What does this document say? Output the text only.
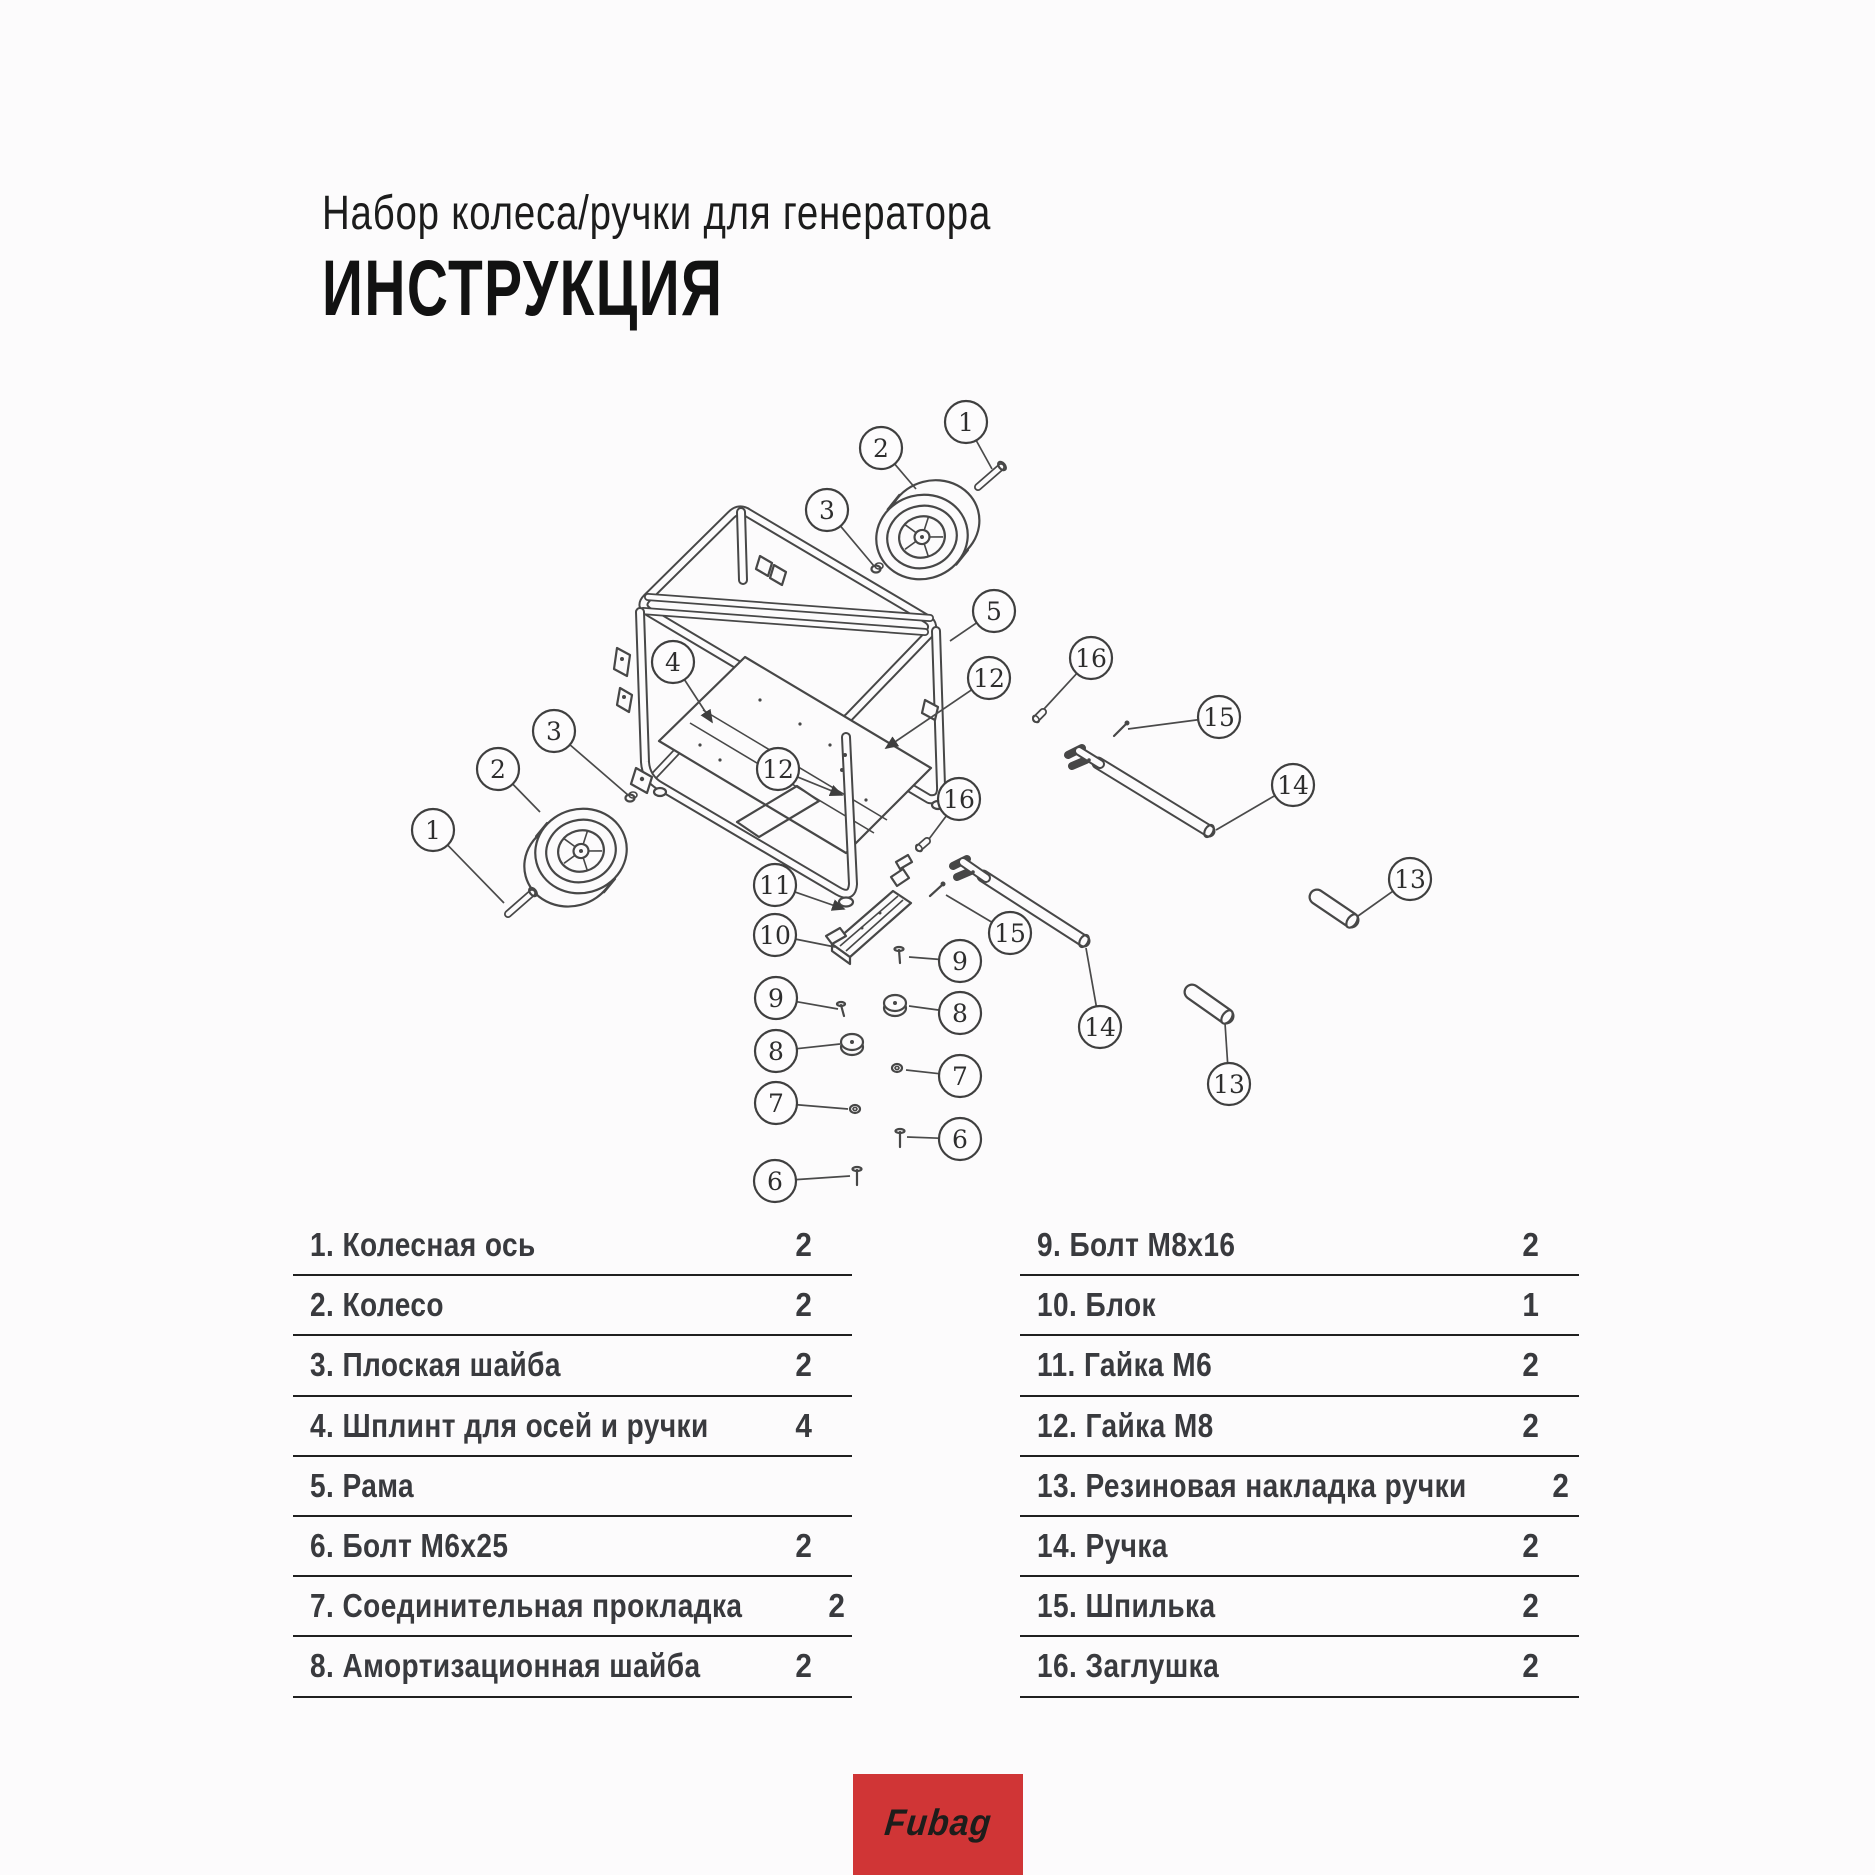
Набор колеса/ручки для генератора
ИНСТРУКЦИЯ
1
2
3
5
4
12
12
3
2
1
16
15
14
16
13
11
10	15
9
8
7
6
9
8
7
6
14
13
1. Колесная ось	2
2. Колесо	2
3. Плоская шайба	2
4. Шплинт для осей и ручки	4
5. Рама
6. Болт М6х25	2
7. Соединительная прокладка	2
8. Амортизационная шайба	2
9. Болт М8х16	2
10. Блок	1
11. Гайка М6	2
12. Гайка М8	2
13. Резиновая накладка ручки	2
14. Ручка	2
15. Шпилька	2
16. Заглушка	2
Fubag
